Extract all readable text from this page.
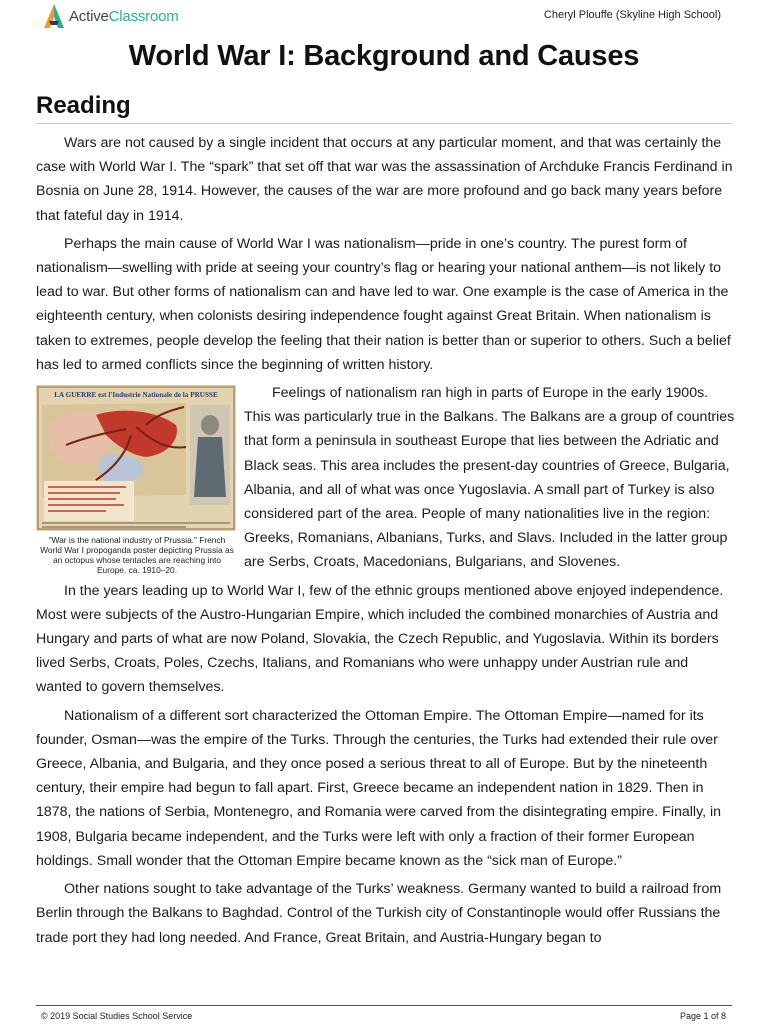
ActiveClassroom	Cheryl Plouffe (Skyline High School)
World War I: Background and Causes
Reading

Wars are not caused by a single incident that occurs at any particular moment, and that was certainly the case with World War I. The “spark” that set off that war was the assassination of Archduke Francis Ferdinand in Bosnia on June 28, 1914. However, the causes of the war are more profound and go back many years before that fateful day in 1914.

Perhaps the main cause of World War I was nationalism—pride in one’s country. The purest form of nationalism—swelling with pride at seeing your country’s flag or hearing your national anthem—is not likely to lead to war. But other forms of nationalism can and have led to war. One example is the case of America in the eighteenth century, when colonists desiring independence fought against Great Britain. When nationalism is taken to extremes, people develop the feeling that their nation is better than or superior to others. Such a belief has led to armed conflicts since the beginning of written history.

LA GUERRE est l'Industrie Nationale de la PRUSSE
“War is the national industry of Prussia.” French World War I propoganda poster depicting Prussia as an octopus whose tentacles are reaching into Europe. ca. 1910–20.

Feelings of nationalism ran high in parts of Europe in the early 1900s. This was particularly true in the Balkans. The Balkans are a group of countries that form a peninsula in southeast Europe that lies between the Adriatic and Black seas. This area includes the present-day countries of Greece, Bulgaria, Albania, and all of what was once Yugoslavia. A small part of Turkey is also considered part of the area. People of many nationalities live in the region: Greeks, Romanians, Albanians, Turks, and Slavs. Included in the latter group are Serbs, Croats, Macedonians, Bulgarians, and Slovenes.

In the years leading up to World War I, few of the ethnic groups mentioned above enjoyed independence. Most were subjects of the Austro-Hungarian Empire, which included the combined monarchies of Austria and Hungary and parts of what are now Poland, Slovakia, the Czech Republic, and Yugoslavia. Within its borders lived Serbs, Croats, Poles, Czechs, Italians, and Romanians who were unhappy under Austrian rule and wanted to govern themselves.

Nationalism of a different sort characterized the Ottoman Empire. The Ottoman Empire—named for its founder, Osman—was the empire of the Turks. Through the centuries, the Turks had extended their rule over Greece, Albania, and Bulgaria, and they once posed a serious threat to all of Europe. But by the nineteenth century, their empire had begun to fall apart. First, Greece became an independent nation in 1829. Then in 1878, the nations of Serbia, Montenegro, and Romania were carved from the disintegrating empire. Finally, in 1908, Bulgaria became independent, and the Turks were left with only a fraction of their former European holdings. Small wonder that the Ottoman Empire became known as the “sick man of Europe.”

Other nations sought to take advantage of the Turks’ weakness. Germany wanted to build a railroad from Berlin through the Balkans to Baghdad. Control of the Turkish city of Constantinople would offer Russians the trade port they had long needed. And France, Great Britain, and Austria-Hungary began to

© 2019 Social Studies School Service	Page 1 of 8
